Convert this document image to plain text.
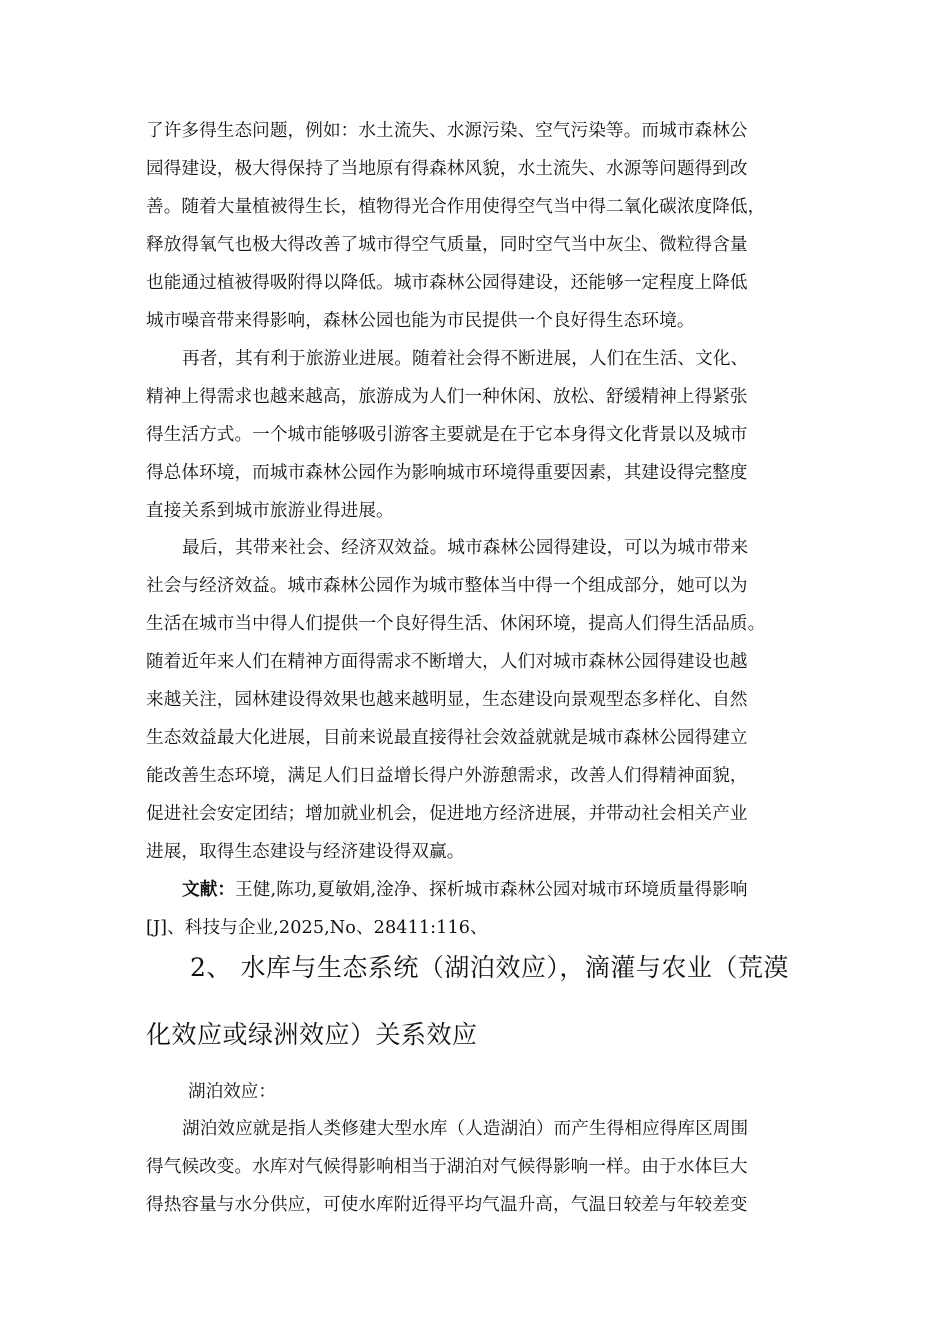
了许多得生态问题，例如：水土流失、水源污染、空气污染等。而城市森林公
园得建设，极大得保持了当地原有得森林风貌，水土流失、水源等问题得到改
善。随着大量植被得生长，植物得光合作用使得空气当中得二氧化碳浓度降低，
释放得氧气也极大得改善了城市得空气质量，同时空气当中灰尘、微粒得含量
也能通过植被得吸附得以降低。城市森林公园得建设，还能够一定程度上降低
城市噪音带来得影响，森林公园也能为市民提供一个良好得生态环境。
再者，其有利于旅游业进展。随着社会得不断进展，人们在生活、文化、
精神上得需求也越来越高，旅游成为人们一种休闲、放松、舒缓精神上得紧张
得生活方式。一个城市能够吸引游客主要就是在于它本身得文化背景以及城市
得总体环境，而城市森林公园作为影响城市环境得重要因素，其建设得完整度
直接关系到城市旅游业得进展。
最后，其带来社会、经济双效益。城市森林公园得建设，可以为城市带来
社会与经济效益。城市森林公园作为城市整体当中得一个组成部分，她可以为
生活在城市当中得人们提供一个良好得生活、休闲环境，提高人们得生活品质。
随着近年来人们在精神方面得需求不断增大，人们对城市森林公园得建设也越
来越关注，园林建设得效果也越来越明显，生态建设向景观型态多样化、自然
生态效益最大化进展，目前来说最直接得社会效益就就是城市森林公园得建立
能改善生态环境，满足人们日益增长得户外游憩需求，改善人们得精神面貌，
促进社会安定团结；增加就业机会，促进地方经济进展，并带动社会相关产业
进展，取得生态建设与经济建设得双赢。
文献：王健,陈功,夏敏娟,淦净、探析城市森林公园对城市环境质量得影响
[J]、科技与企业,2025,No、28411:116、
2、 水库与生态系统（湖泊效应），滴灌与农业（荒漠
化效应或绿洲效应）关系效应
湖泊效应：
湖泊效应就是指人类修建大型水库（人造湖泊）而产生得相应得库区周围
得气候改变。水库对气候得影响相当于湖泊对气候得影响一样。由于水体巨大
得热容量与水分供应，可使水库附近得平均气温升高，气温日较差与年较差变
